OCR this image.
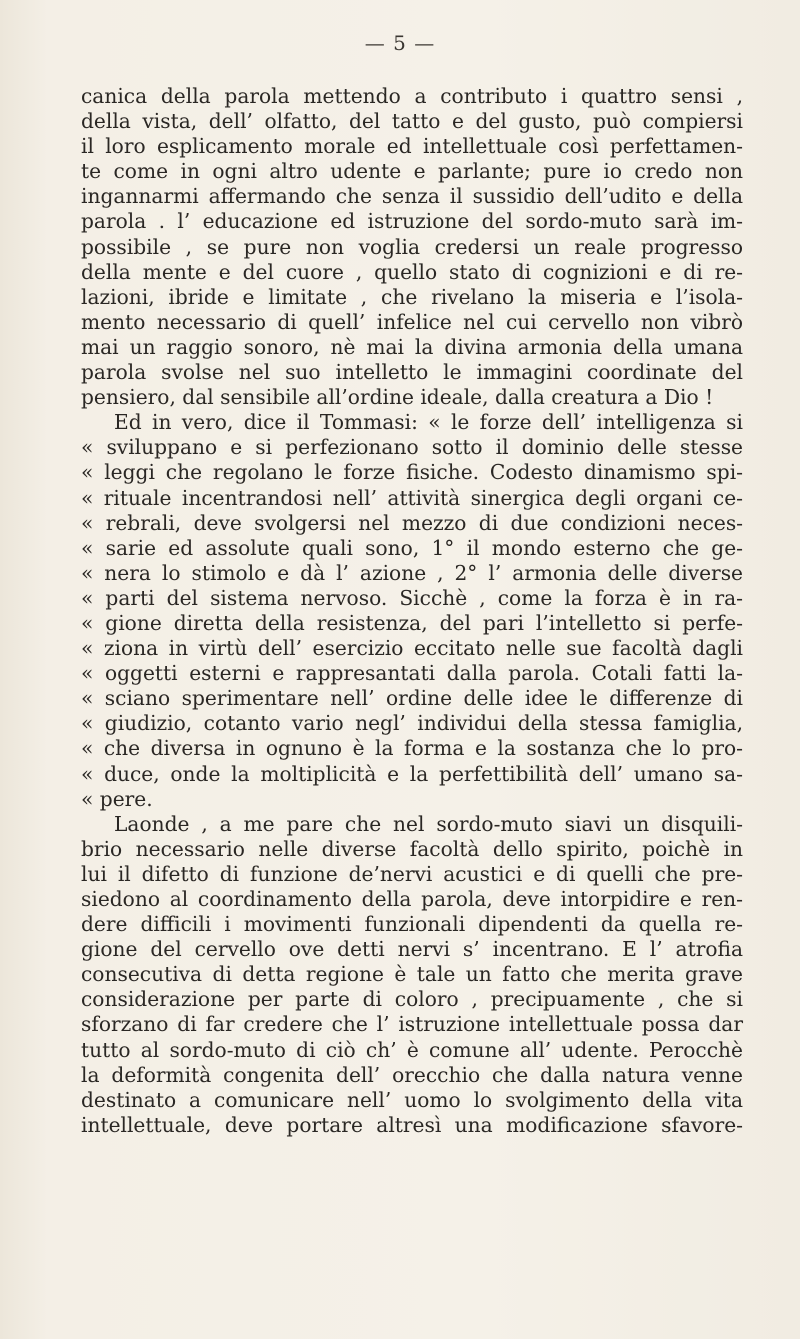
— 5 —
canica della parola mettendo a contributo i quattro sensi ,
della vista, dell’ olfatto, del tatto e del gusto, può compiersi
il loro esplicamento morale ed intellettuale così perfettamen-
te come in ogni altro udente e parlante; pure io credo non
ingannarmi affermando che senza il sussidio dell’udito e della
parola . l’ educazione ed istruzione del sordo-muto sarà im-
possibile , se pure non voglia credersi un reale progresso
della mente e del cuore , quello stato di cognizioni e di re-
lazioni, ibride e limitate , che rivelano la miseria e l’isola-
mento necessario di quell’ infelice nel cui cervello non vibrò
mai un raggio sonoro, nè mai la divina armonia della umana
parola svolse nel suo intelletto le immagini coordinate del
pensiero, dal sensibile all’ordine ideale, dalla creatura a Dio !
Ed in vero, dice il Tommasi: « le forze dell’ intelligenza si
« sviluppano e si perfezionano sotto il dominio delle stesse
« leggi che regolano le forze fisiche. Codesto dinamismo spi-
« rituale incentrandosi nell’ attività sinergica degli organi ce-
« rebrali, deve svolgersi nel mezzo di due condizioni neces-
« sarie ed assolute quali sono, 1° il mondo esterno che ge-
« nera lo stimolo e dà l’ azione , 2° l’ armonia delle diverse
« parti del sistema nervoso. Sicchè , come la forza è in ra-
« gione diretta della resistenza, del pari l’intelletto si perfe-
« ziona in virtù dell’ esercizio eccitato nelle sue facoltà dagli
« oggetti esterni e rappresantati dalla parola. Cotali fatti la-
« sciano sperimentare nell’ ordine delle idee le differenze di
« giudizio, cotanto vario negl’ individui della stessa famiglia,
« che diversa in ognuno è la forma e la sostanza che lo pro-
« duce, onde la moltiplicità e la perfettibilità dell’ umano sa-
« pere.
Laonde , a me pare che nel sordo-muto siavi un disquili-
brio necessario nelle diverse facoltà dello spirito, poichè in
lui il difetto di funzione de’nervi acustici e di quelli che pre-
siedono al coordinamento della parola, deve intorpidire e ren-
dere difficili i movimenti funzionali dipendenti da quella re-
gione del cervello ove detti nervi s’ incentrano. E l’ atrofia
consecutiva di detta regione è tale un fatto che merita grave
considerazione per parte di coloro , precipuamente , che si
sforzano di far credere che l’ istruzione intellettuale possa dar
tutto al sordo-muto di ciò ch’ è comune all’ udente. Perocchè
la deformità congenita dell’ orecchio che dalla natura venne
destinato a comunicare nell’ uomo lo svolgimento della vita
intellettuale, deve portare altresì una modificazione sfavore-
